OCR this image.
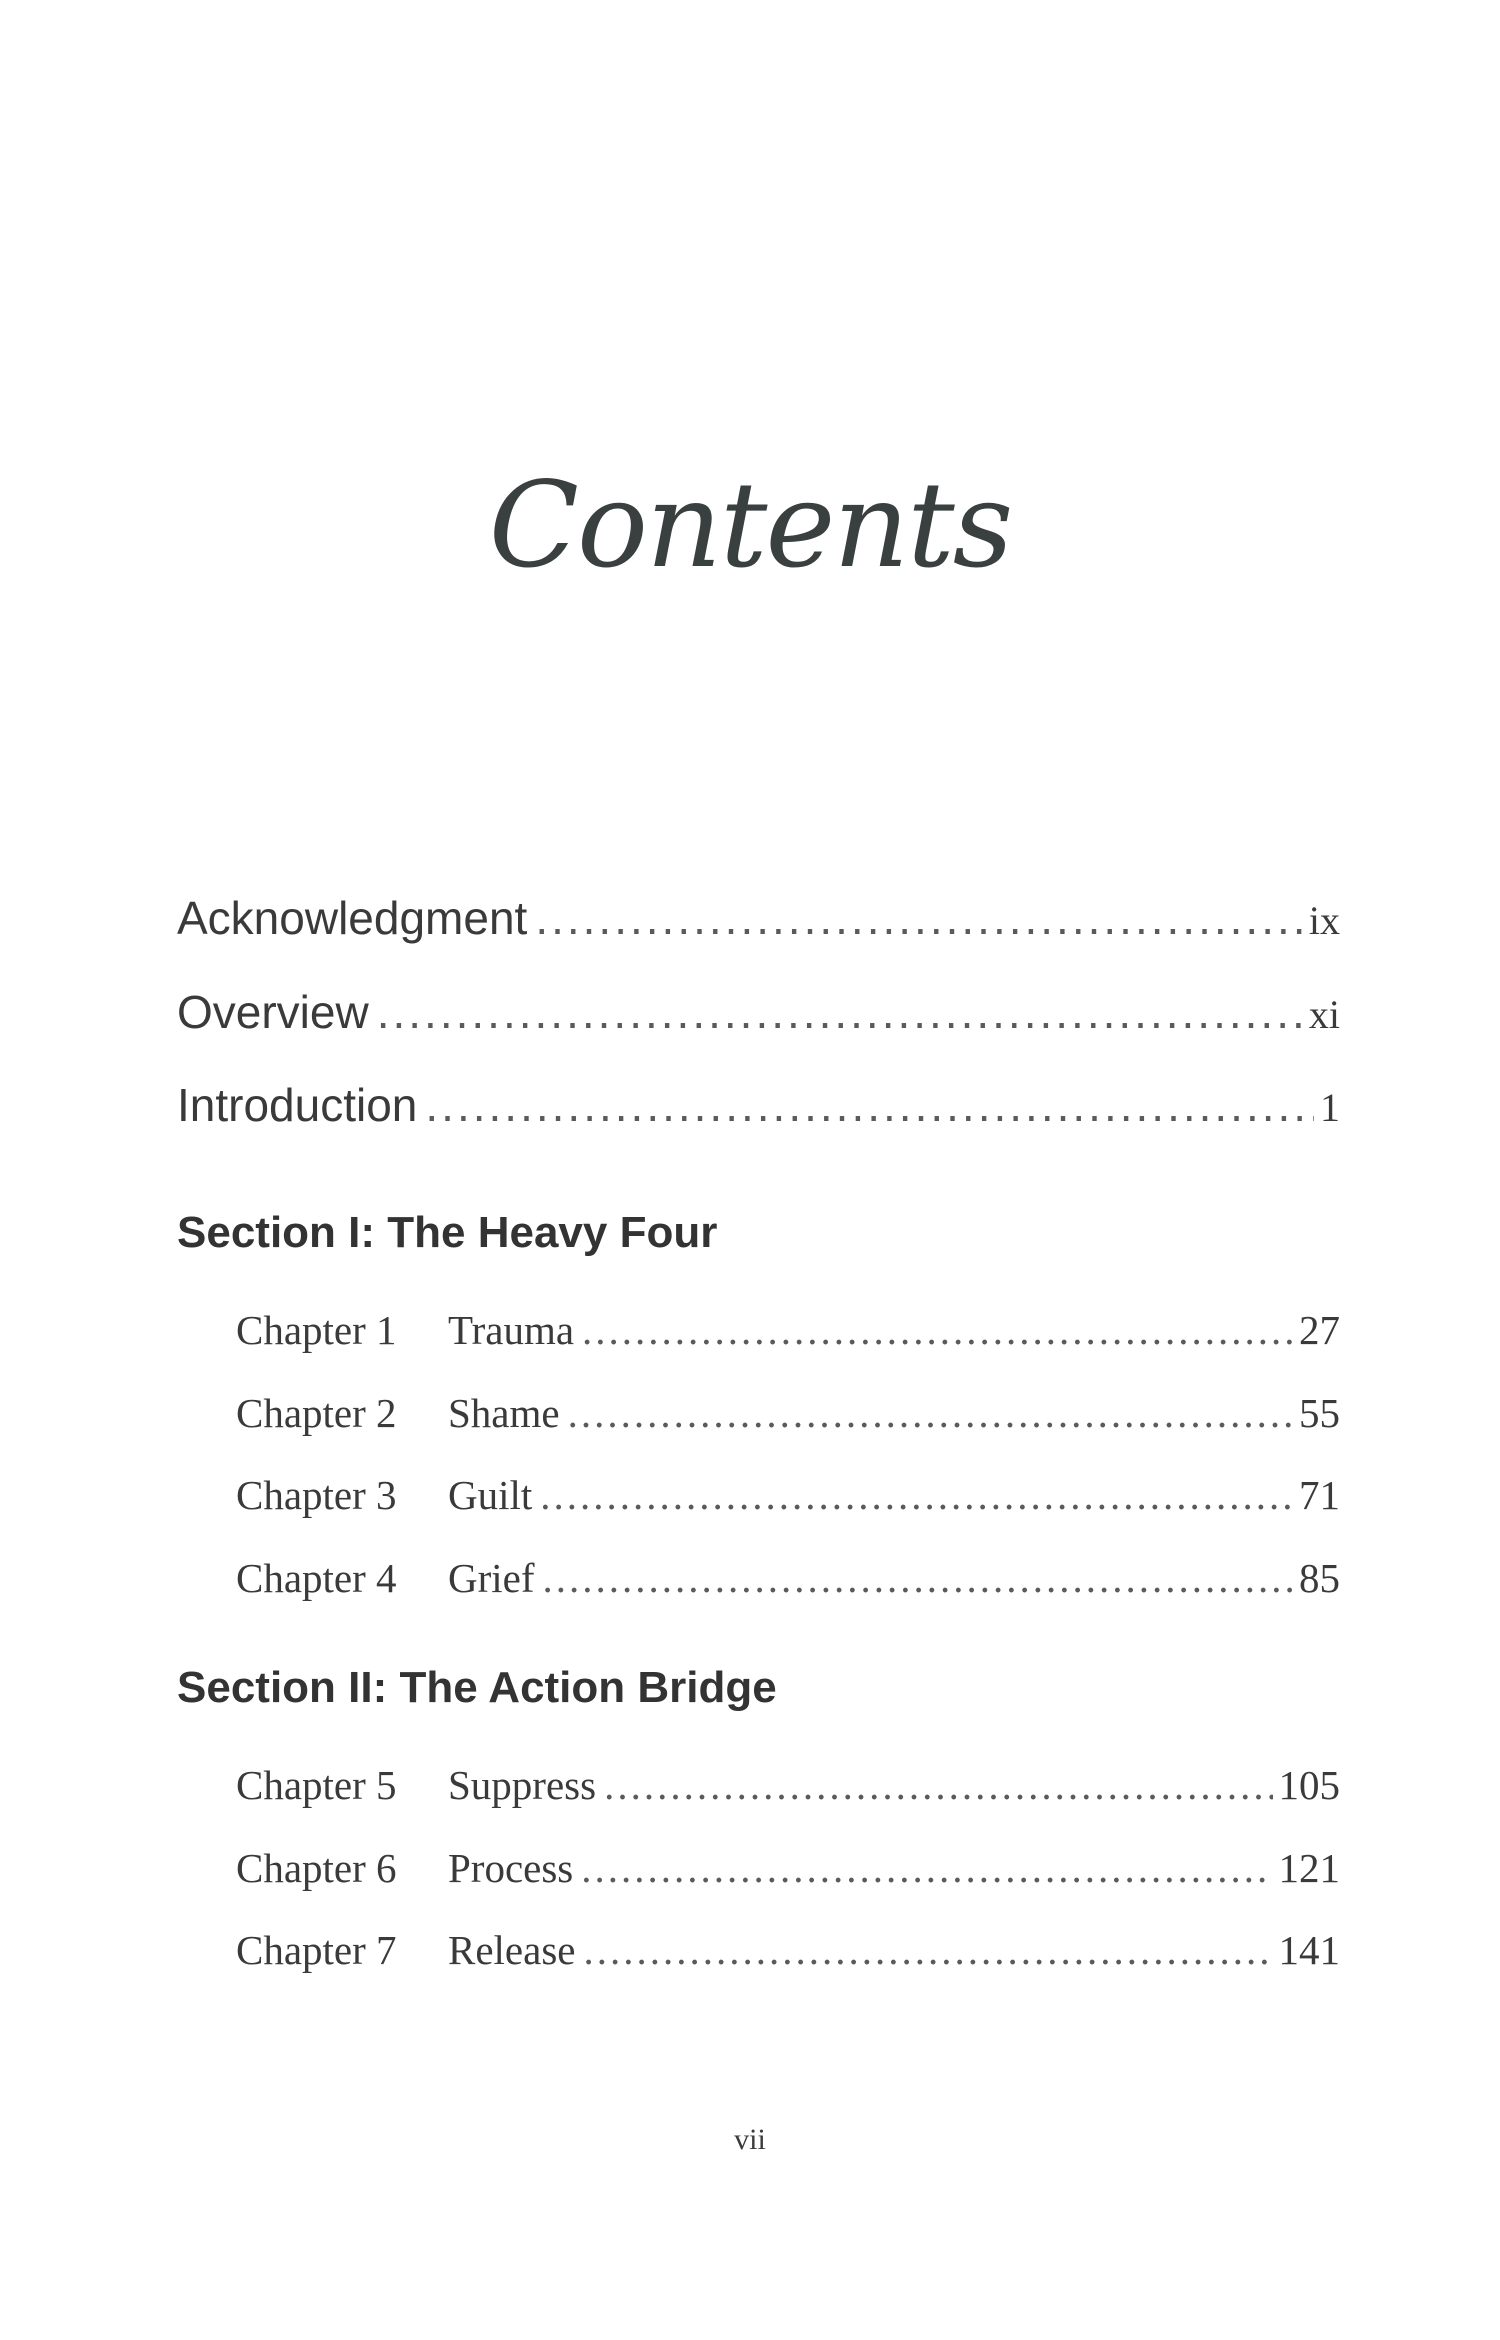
Contents
Acknowledgment .....	ix
Overview .....	xi
Introduction .....	1
Section I: The Heavy Four
Chapter 1	Trauma .....	27
Chapter 2	Shame .....	55
Chapter 3	Guilt .....	71
Chapter 4	Grief .....	85
Section II: The Action Bridge
Chapter 5	Suppress .....	105
Chapter 6	Process .....	121
Chapter 7	Release .....	141
vii
